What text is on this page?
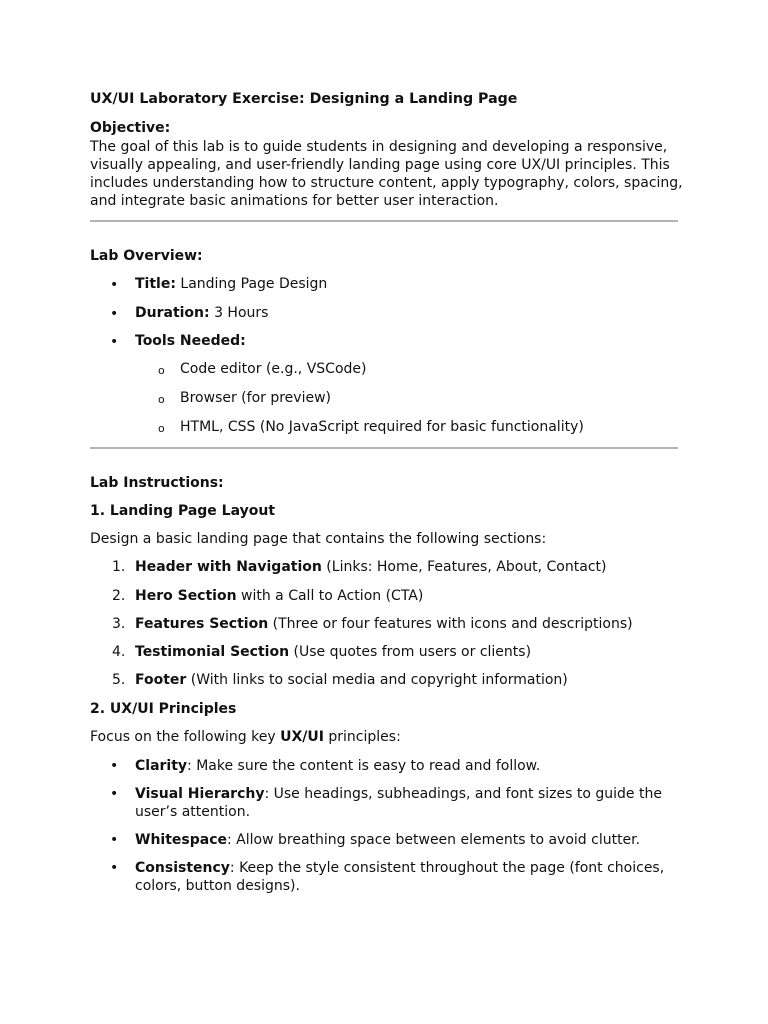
UX/UI Laboratory Exercise: Designing a Landing Page
Objective:
The goal of this lab is to guide students in designing and developing a responsive, visually appealing, and user-friendly landing page using core UX/UI principles. This includes understanding how to structure content, apply typography, colors, spacing, and integrate basic animations for better user interaction.
Lab Overview:
• Title: Landing Page Design
• Duration: 3 Hours
• Tools Needed:
o Code editor (e.g., VSCode)
o Browser (for preview)
o HTML, CSS (No JavaScript required for basic functionality)
Lab Instructions:
1. Landing Page Layout
Design a basic landing page that contains the following sections:
1. Header with Navigation (Links: Home, Features, About, Contact)
2. Hero Section with a Call to Action (CTA)
3. Features Section (Three or four features with icons and descriptions)
4. Testimonial Section (Use quotes from users or clients)
5. Footer (With links to social media and copyright information)
2. UX/UI Principles
Focus on the following key UX/UI principles:
• Clarity: Make sure the content is easy to read and follow.
• Visual Hierarchy: Use headings, subheadings, and font sizes to guide the user’s attention.
• Whitespace: Allow breathing space between elements to avoid clutter.
• Consistency: Keep the style consistent throughout the page (font choices, colors, button designs).
